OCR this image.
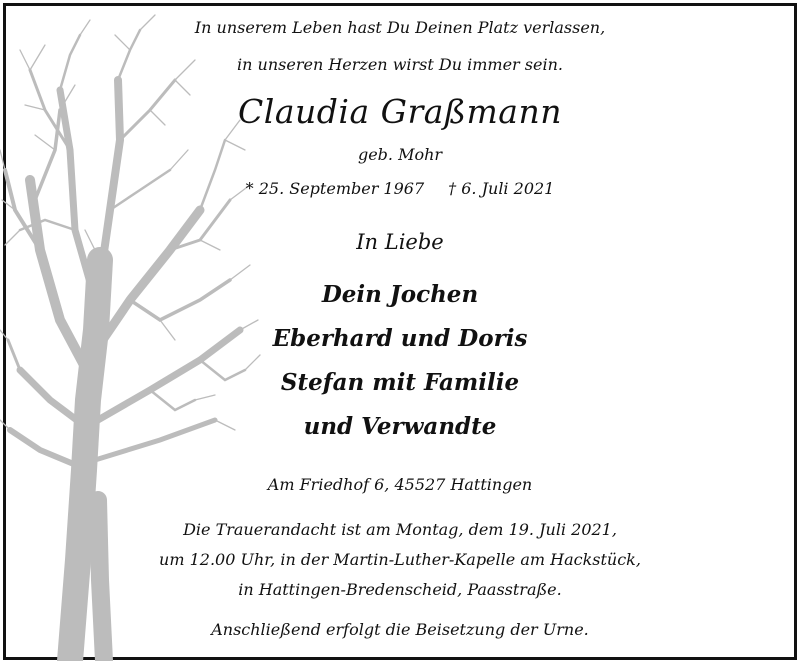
In unserem Leben hast Du Deinen Platz verlassen,
in unseren Herzen wirst Du immer sein.
Claudia Graßmann
geb. Mohr
* 25. September 1967 † 6. Juli 2021
In Liebe
Dein Jochen
Eberhard und Doris
Stefan mit Familie
und Verwandte
Am Friedhof 6, 45527 Hattingen
Die Trauerandacht ist am Montag, dem 19. Juli 2021,
um 12.00 Uhr, in der Martin-Luther-Kapelle am Hackstück,
in Hattingen-Bredenscheid, Paasstraße.
Anschließend erfolgt die Beisetzung der Urne.
